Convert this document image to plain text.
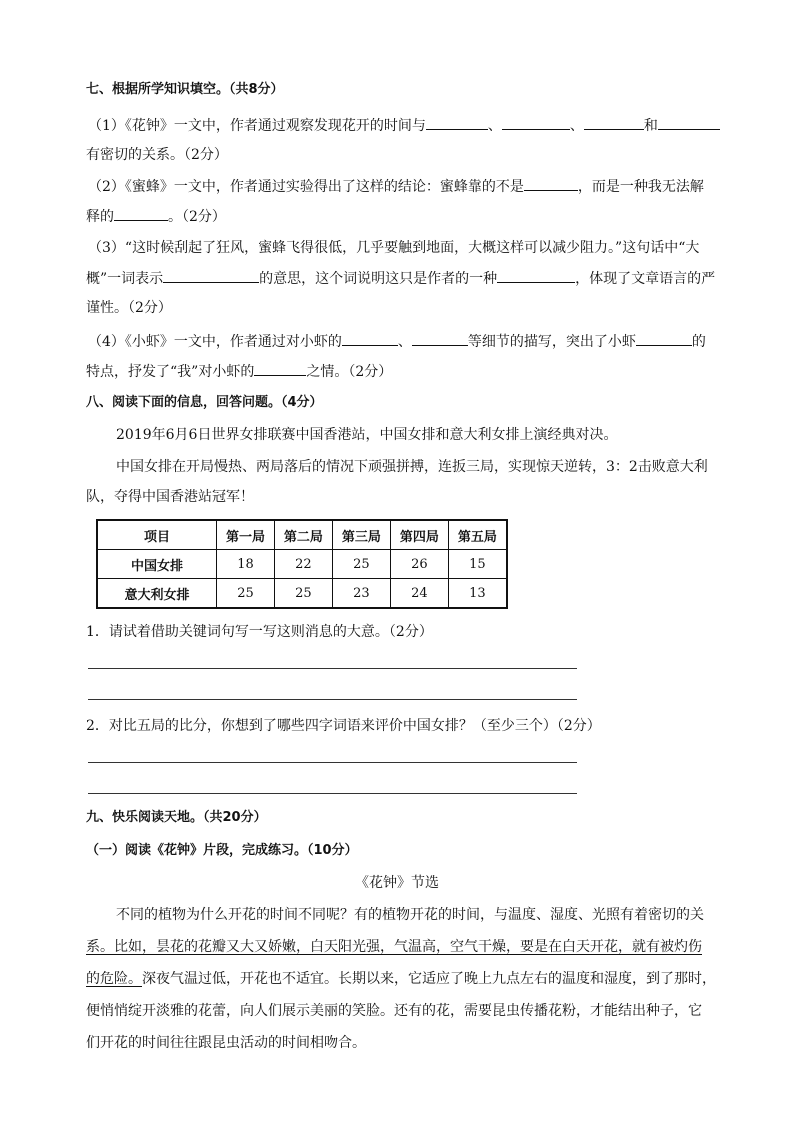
七、根据所学知识填空。（共8分）
（1）《花钟》一文中，作者通过观察发现花开的时间与	、	、	和
有密切的关系。（2分）
（2）《蜜蜂》一文中，作者通过实验得出了这样的结论：蜜蜂靠的不是	，而是一种我无法解
释的	。（2分）
（3）“这时候刮起了狂风，蜜蜂飞得很低，几乎要触到地面，大概这样可以减少阻力。”这句话中“大
概”一词表示	的意思，这个词说明这只是作者的一种	，体现了文章语言的严
谨性。（2分）
（4）《小虾》一文中，作者通过对小虾的	、	等细节的描写，突出了小虾	的
特点，抒发了“我”对小虾的	之情。（2分）
八、阅读下面的信息，回答问题。（4分）
2019年6月6日世界女排联赛中国香港站，中国女排和意大利女排上演经典对决。
中国女排在开局慢热、两局落后的情况下顽强拼搏，连扳三局，实现惊天逆转，3：2击败意大利
队，夺得中国香港站冠军！
项目	第一局	第二局	第三局	第四局	第五局
中国女排	18	22	25	26	15
意大利女排	25	25	23	24	13
1．请试着借助关键词句写一写这则消息的大意。（2分）
2．对比五局的比分，你想到了哪些四字词语来评价中国女排？（至少三个）（2分）
九、快乐阅读天地。（共20分）
（一）阅读《花钟》片段，完成练习。（10分）
《花钟》节选
不同的植物为什么开花的时间不同呢？有的植物开花的时间，与温度、湿度、光照有着密切的关
系。比如，昙花的花瓣又大又娇嫩，白天阳光强，气温高，空气干燥，要是在白天开花，就有被灼伤
的危险。深夜气温过低，开花也不适宜。长期以来，它适应了晚上九点左右的温度和湿度，到了那时，
便悄悄绽开淡雅的花蕾，向人们展示美丽的笑脸。还有的花，需要昆虫传播花粉，才能结出种子，它
们开花的时间往往跟昆虫活动的时间相吻合。
